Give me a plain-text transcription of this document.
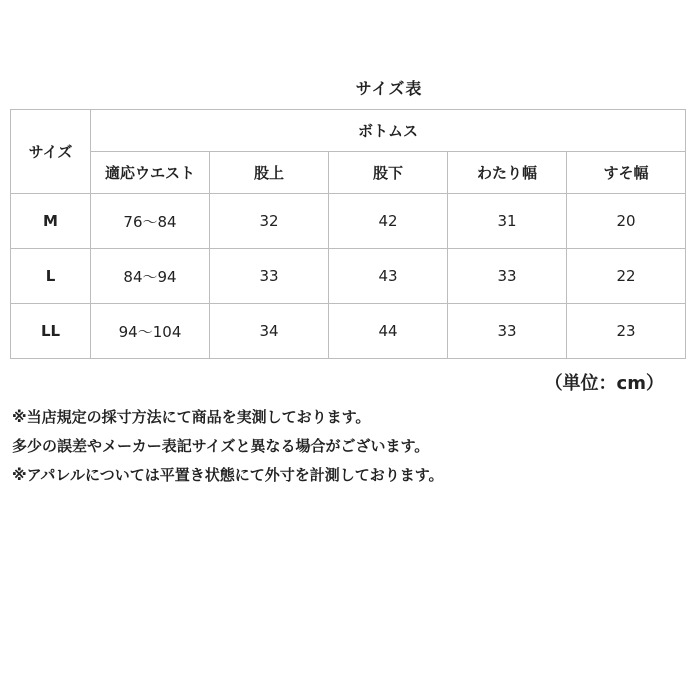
サイズ表
サイズ	ボトムス				
	適応ウエスト	股上	股下	わたり幅	すそ幅
M	76～84	32	42	31	20
L	84～94	33	43	33	22
LL	94～104	34	44	33	23
（単位：cm）
※当店規定の採寸方法にて商品を実測しております。
多少の誤差やメーカー表記サイズと異なる場合がございます。
※アパレルについては平置き状態にて外寸を計測しております。
